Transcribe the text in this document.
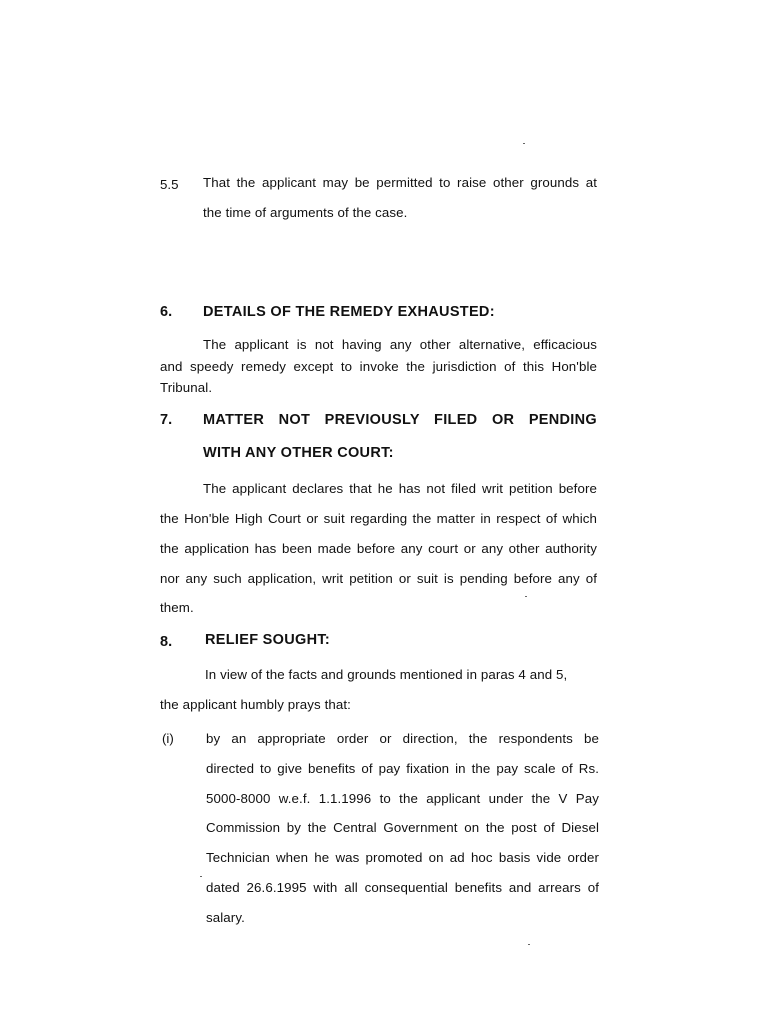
5.5 That the applicant may be permitted to raise other grounds at
the time of arguments of the case.
6. DETAILS OF THE REMEDY EXHAUSTED:
The applicant is not having any other alternative, efficacious
and speedy remedy except to invoke the jurisdiction of this Hon'ble
Tribunal.
7. MATTER NOT PREVIOUSLY FILED OR PENDING
WITH ANY OTHER COURT:
The applicant declares that he has not filed writ petition before
the Hon'ble High Court or suit regarding the matter in respect of which
the application has been made before any court or any other authority
nor any such application, writ petition or suit is pending before any of
them.
8. RELIEF SOUGHT:
In view of the facts and grounds mentioned in paras 4 and 5,
the applicant humbly prays that:
(i) by an appropriate order or direction, the respondents be
directed to give benefits of pay fixation in the pay scale of Rs.
5000-8000 w.e.f. 1.1.1996 to the applicant under the V Pay
Commission by the Central Government on the post of Diesel
Technician when he was promoted on ad hoc basis vide order
dated 26.6.1995 with all consequential benefits and arrears of
salary.
